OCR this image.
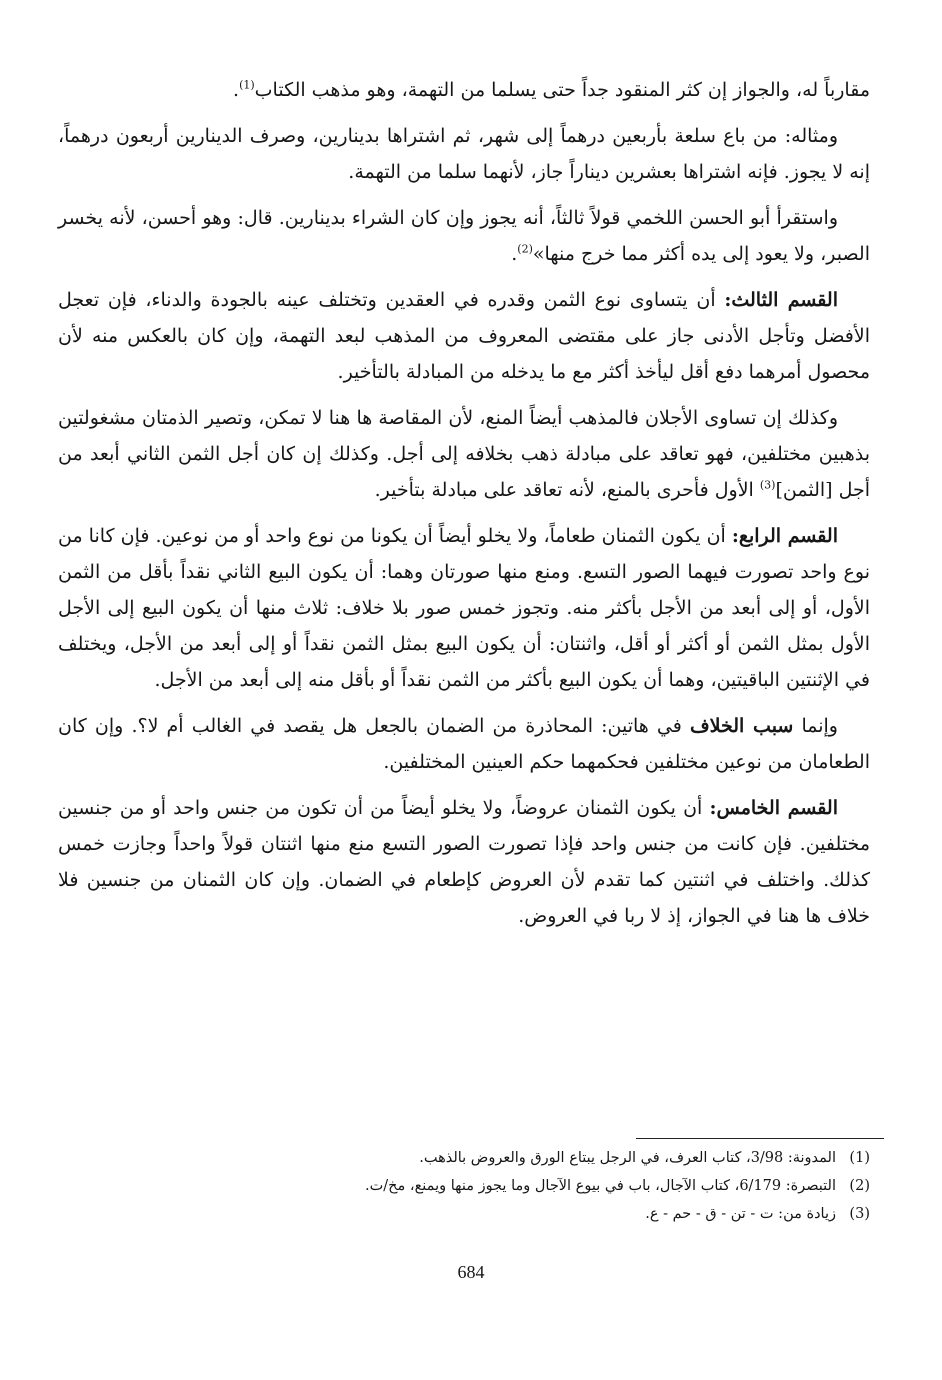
مقارباً له، والجواز إن كثر المنقود جداً حتى يسلما من التهمة، وهو مذهب الكتاب$^{(1)}$.

ومثاله: من باع سلعة بأربعين درهماً إلى شهر، ثم اشتراها بدينارين، وصرف الدينارين أربعون درهماً، إنه لا يجوز. فإنه اشتراها بعشرين ديناراً جاز، لأنهما سلما من التهمة.

واستقرأ أبو الحسن اللخمي قولاً ثالثاً، أنه يجوز وإن كان الشراء بدينارين. قال: وهو أحسن، لأنه يخسر الصبر، ولا يعود إلى يده أكثر مما خرج منها»$^{(2)}$.

القسم الثالث: أن يتساوى نوع الثمن وقدره في العقدين وتختلف عينه بالجودة والدناء، فإن تعجل الأفضل وتأجل الأدنى جاز على مقتضى المعروف من المذهب لبعد التهمة، وإن كان بالعكس منه لأن محصول أمرهما دفع أقل ليأخذ أكثر مع ما يدخله من المبادلة بالتأخير.

وكذلك إن تساوى الأجلان فالمذهب أيضاً المنع، لأن المقاصة ها هنا لا تمكن، وتصير الذمتان مشغولتين بذهبين مختلفين، فهو تعاقد على مبادلة ذهب بخلافه إلى أجل. وكذلك إن كان أجل الثمن الثاني أبعد من أجل [الثمن]$^{(3)}$ الأول فأحرى بالمنع، لأنه تعاقد على مبادلة بتأخير.

القسم الرابع: أن يكون الثمنان طعاماً، ولا يخلو أيضاً أن يكونا من نوع واحد أو من نوعين. فإن كانا من نوع واحد تصورت فيهما الصور التسع. ومنع منها صورتان وهما: أن يكون البيع الثاني نقداً بأقل من الثمن الأول، أو إلى أبعد من الأجل بأكثر منه. وتجوز خمس صور بلا خلاف: ثلاث منها أن يكون البيع إلى الأجل الأول بمثل الثمن أو أكثر أو أقل، واثنتان: أن يكون البيع بمثل الثمن نقداً أو إلى أبعد من الأجل، ويختلف في الإثنتين الباقيتين، وهما أن يكون البيع بأكثر من الثمن نقداً أو بأقل منه إلى أبعد من الأجل.

وإنما سبب الخلاف في هاتين: المحاذرة من الضمان بالجعل هل يقصد في الغالب أم لا؟. وإن كان الطعامان من نوعين مختلفين فحكمهما حكم العينين المختلفين.

القسم الخامس: أن يكون الثمنان عروضاً، ولا يخلو أيضاً من أن تكون من جنس واحد أو من جنسين مختلفين. فإن كانت من جنس واحد فإذا تصورت الصور التسع منع منها اثنتان قولاً واحداً وجازت خمس كذلك. واختلف في اثنتين كما تقدم لأن العروض كإطعام في الضمان. وإن كان الثمنان من جنسين فلا خلاف ها هنا في الجواز، إذ لا ربا في العروض.

(1)
المدونة: 3/98، كتاب العرف، في الرجل يبتاع الورق والعروض بالذهب.
(2)
التبصرة: 6/179، كتاب الآجال، باب في بيوع الآجال وما يجوز منها ويمنع، مخ/ت.
(3)
زيادة من: ت - تن - ق - حم - ع.
684
